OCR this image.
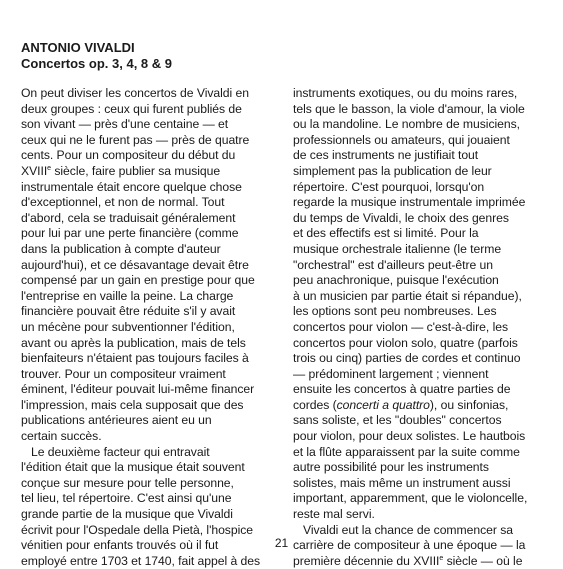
ANTONIO VIVALDI
Concertos op. 3, 4, 8 & 9
On peut diviser les concertos de Vivaldi en
deux groupes : ceux qui furent publiés de
son vivant — près d'une centaine — et
ceux qui ne le furent pas — près de quatre
cents. Pour un compositeur du début du
XVIIIe siècle, faire publier sa musique
instrumentale était encore quelque chose
d'exceptionnel, et non de normal. Tout
d'abord, cela se traduisait généralement
pour lui par une perte financière (comme
dans la publication à compte d'auteur
aujourd'hui), et ce désavantage devait être
compensé par un gain en prestige pour que
l'entreprise en vaille la peine. La charge
financière pouvait être réduite s'il y avait
un mécène pour subventionner l'édition,
avant ou après la publication, mais de tels
bienfaiteurs n'étaient pas toujours faciles à
trouver. Pour un compositeur vraiment
éminent, l'éditeur pouvait lui-même financer
l'impression, mais cela supposait que des
publications antérieures aient eu un
certain succès.
Le deuxième facteur qui entravait
l'édition était que la musique était souvent
conçue sur mesure pour telle personne,
tel lieu, tel répertoire. C'est ainsi qu'une
grande partie de la musique que Vivaldi
écrivit pour l'Ospedale della Pietà, l'hospice
vénitien pour enfants trouvés où il fut
employé entre 1703 et 1740, fait appel à des
instruments exotiques, ou du moins rares,
tels que le basson, la viole d'amour, la viole
ou la mandoline. Le nombre de musiciens,
professionnels ou amateurs, qui jouaient
de ces instruments ne justifiait tout
simplement pas la publication de leur
répertoire. C'est pourquoi, lorsqu'on
regarde la musique instrumentale imprimée
du temps de Vivaldi, le choix des genres
et des effectifs est si limité. Pour la
musique orchestrale italienne (le terme
"orchestral" est d'ailleurs peut-être un
peu anachronique, puisque l'exécution
à un musicien par partie était si répandue),
les options sont peu nombreuses. Les
concertos pour violon — c'est-à-dire, les
concertos pour violon solo, quatre (parfois
trois ou cinq) parties de cordes et continuo
— prédominent largement ; viennent
ensuite les concertos à quatre parties de
cordes (concerti a quattro), ou sinfonias,
sans soliste, et les "doubles" concertos
pour violon, pour deux solistes. Le hautbois
et la flûte apparaissent par la suite comme
autre possibilité pour les instruments
solistes, mais même un instrument aussi
important, apparemment, que le violoncelle,
reste mal servi.
Vivaldi eut la chance de commencer sa
carrière de compositeur à une époque — la
première décennie du XVIIIe siècle — où le
21
